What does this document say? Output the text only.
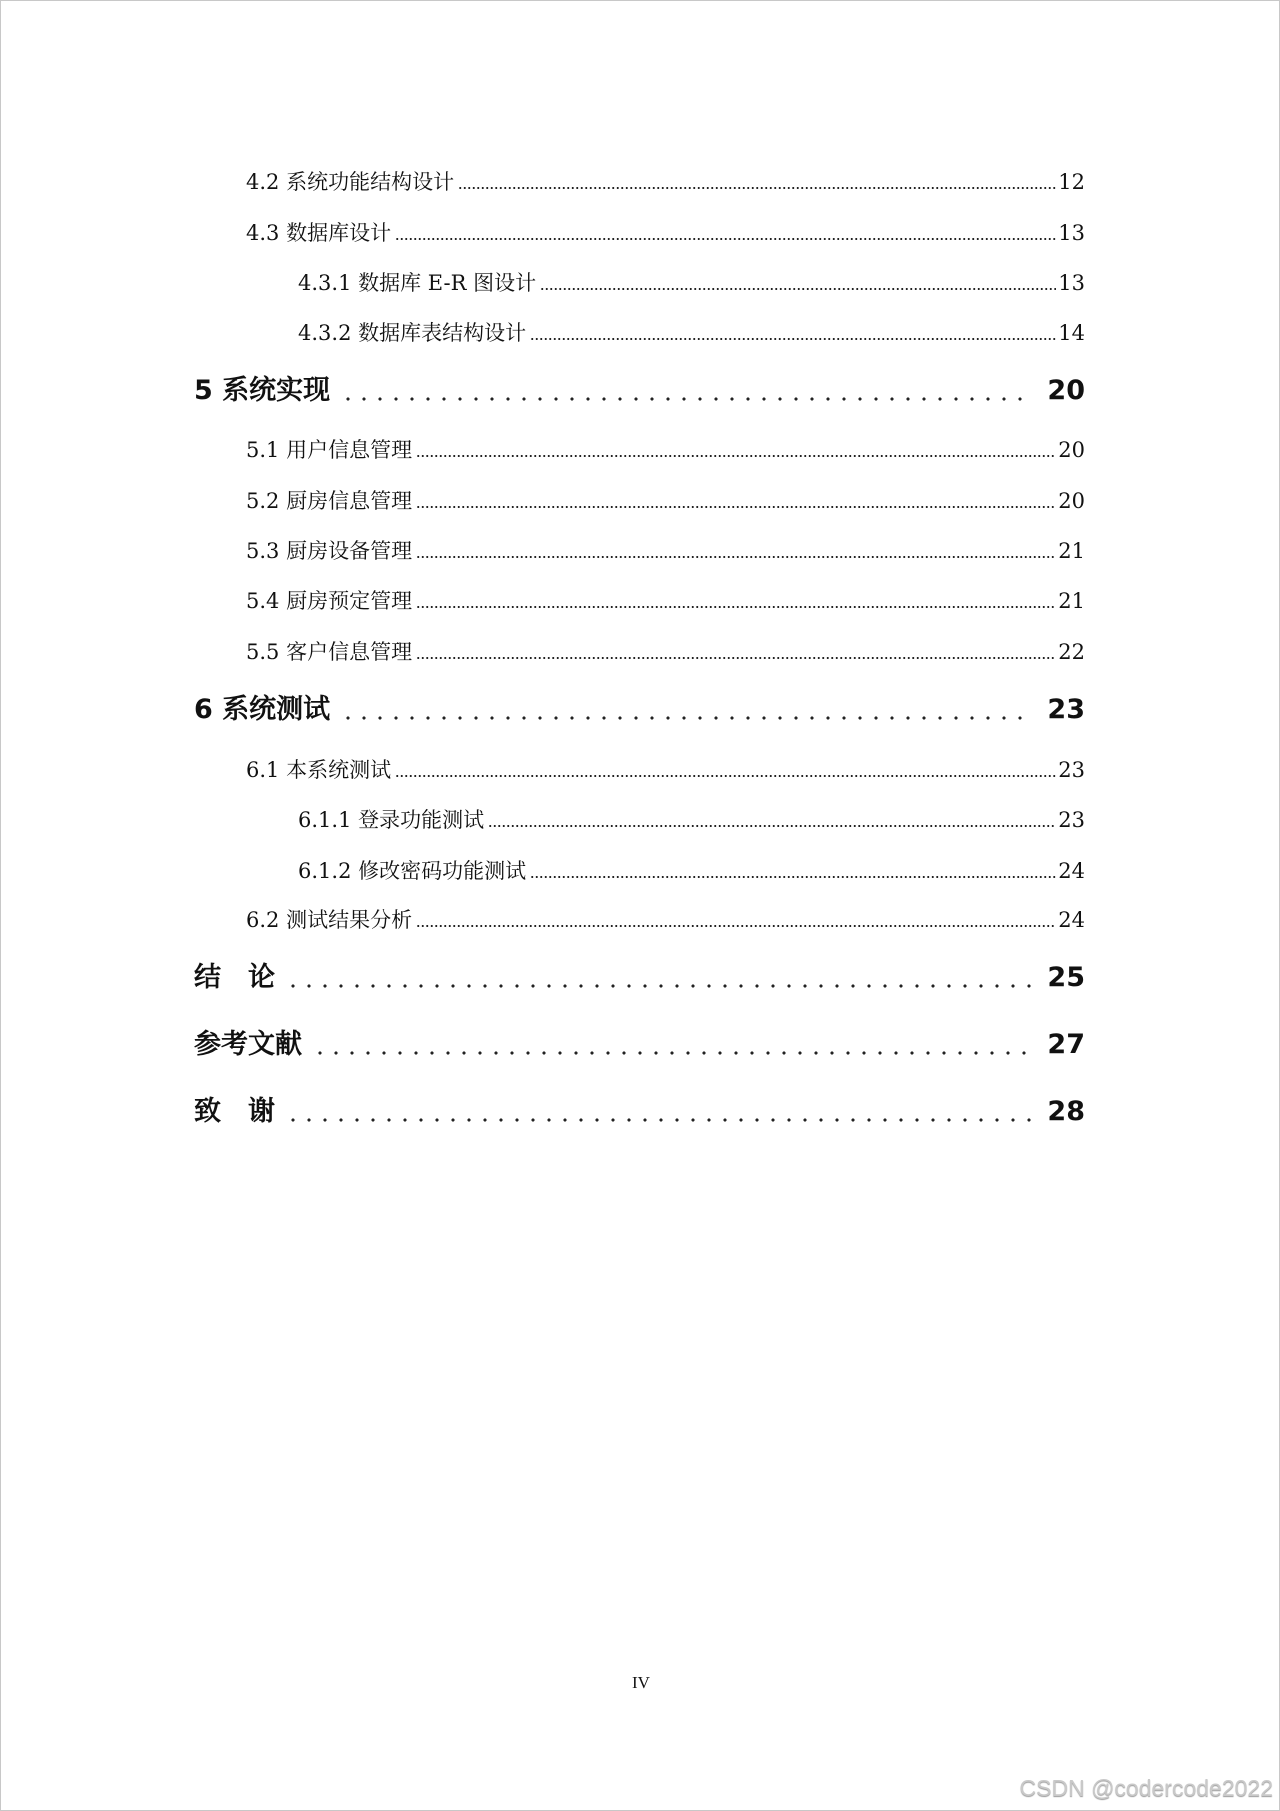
4.2 系统功能结构设计	12
4.3 数据库设计	13
4.3.1 数据库 E-R 图设计	13
4.3.2 数据库表结构设计	14
5 系统实现	20
5.1 用户信息管理	20
5.2 厨房信息管理	20
5.3 厨房设备管理	21
5.4 厨房预定管理	21
5.5 客户信息管理	22
6 系统测试	23
6.1 本系统测试	23
6.1.1 登录功能测试	23
6.1.2 修改密码功能测试	24
6.2 测试结果分析	24
结　论	25
参考文献	27
致　谢	28
IV
CSDN @codercode2022
